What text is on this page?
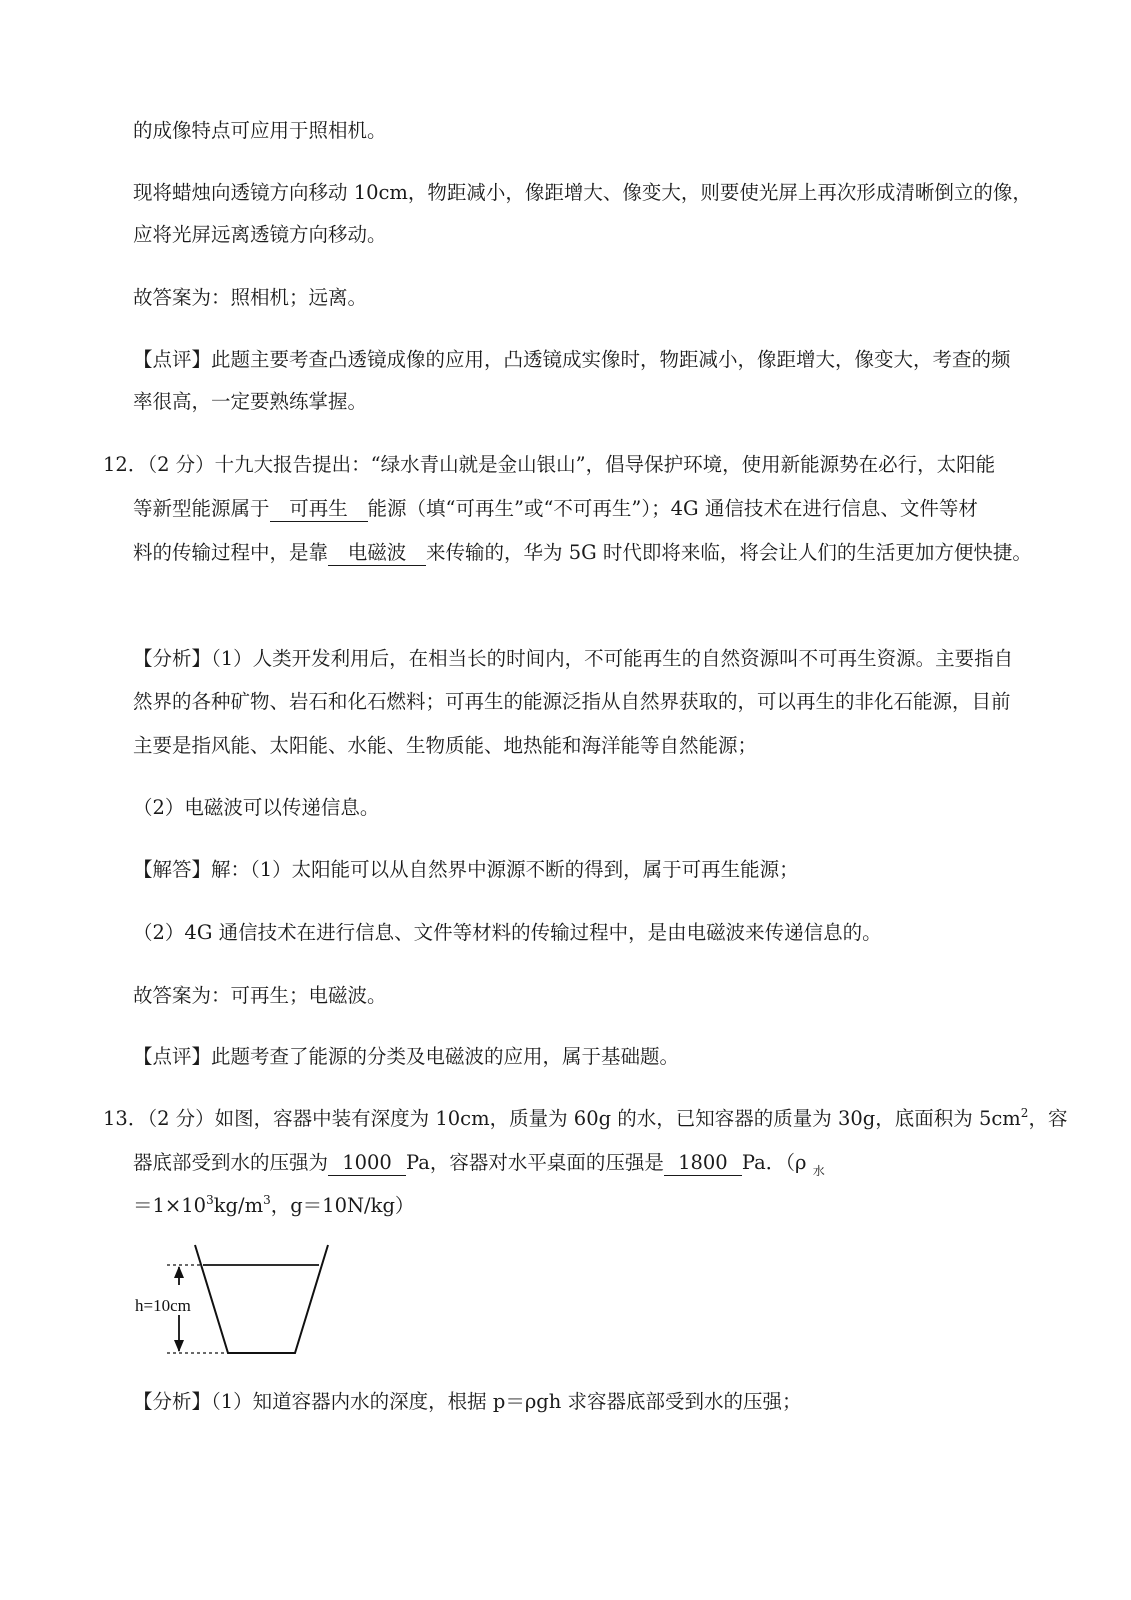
的成像特点可应用于照相机。
现将蜡烛向透镜方向移动 10cm，物距减小，像距增大、像变大，则要使光屏上再次形成清晰倒立的像，
应将光屏远离透镜方向移动。
故答案为：照相机；远离。
【点评】此题主要考查凸透镜成像的应用，凸透镜成实像时，物距减小，像距增大，像变大，考查的频
率很高，一定要熟练掌握。
12．（2 分）十九大报告提出：“绿水青山就是金山银山”，倡导保护环境，使用新能源势在必行，太阳能
等新型能源属于 可再生 能源（填“可再生”或“不可再生”）；4G 通信技术在进行信息、文件等材
料的传输过程中，是靠 电磁波 来传输的，华为 5G 时代即将来临，将会让人们的生活更加方便快捷。
【分析】（1）人类开发利用后，在相当长的时间内，不可能再生的自然资源叫不可再生资源。主要指自
然界的各种矿物、岩石和化石燃料；可再生的能源泛指从自然界获取的，可以再生的非化石能源，目前
主要是指风能、太阳能、水能、生物质能、地热能和海洋能等自然能源；
（2）电磁波可以传递信息。
【解答】解：（1）太阳能可以从自然界中源源不断的得到，属于可再生能源；
（2）4G 通信技术在进行信息、文件等材料的传输过程中，是由电磁波来传递信息的。
故答案为：可再生；电磁波。
【点评】此题考查了能源的分类及电磁波的应用，属于基础题。
13．（2 分）如图，容器中装有深度为 10cm，质量为 60g 的水，已知容器的质量为 30g，底面积为 $5cm^2$，容
器底部受到水的压强为 1000 Pa，容器对水平桌面的压强是 1800 Pa．（ρ $_水$
$=1\times 10^3kg/m^3$，g＝10N/kg）
h=10cm
【分析】（1）知道容器内水的深度，根据 p＝ρgh 求容器底部受到水的压强；
